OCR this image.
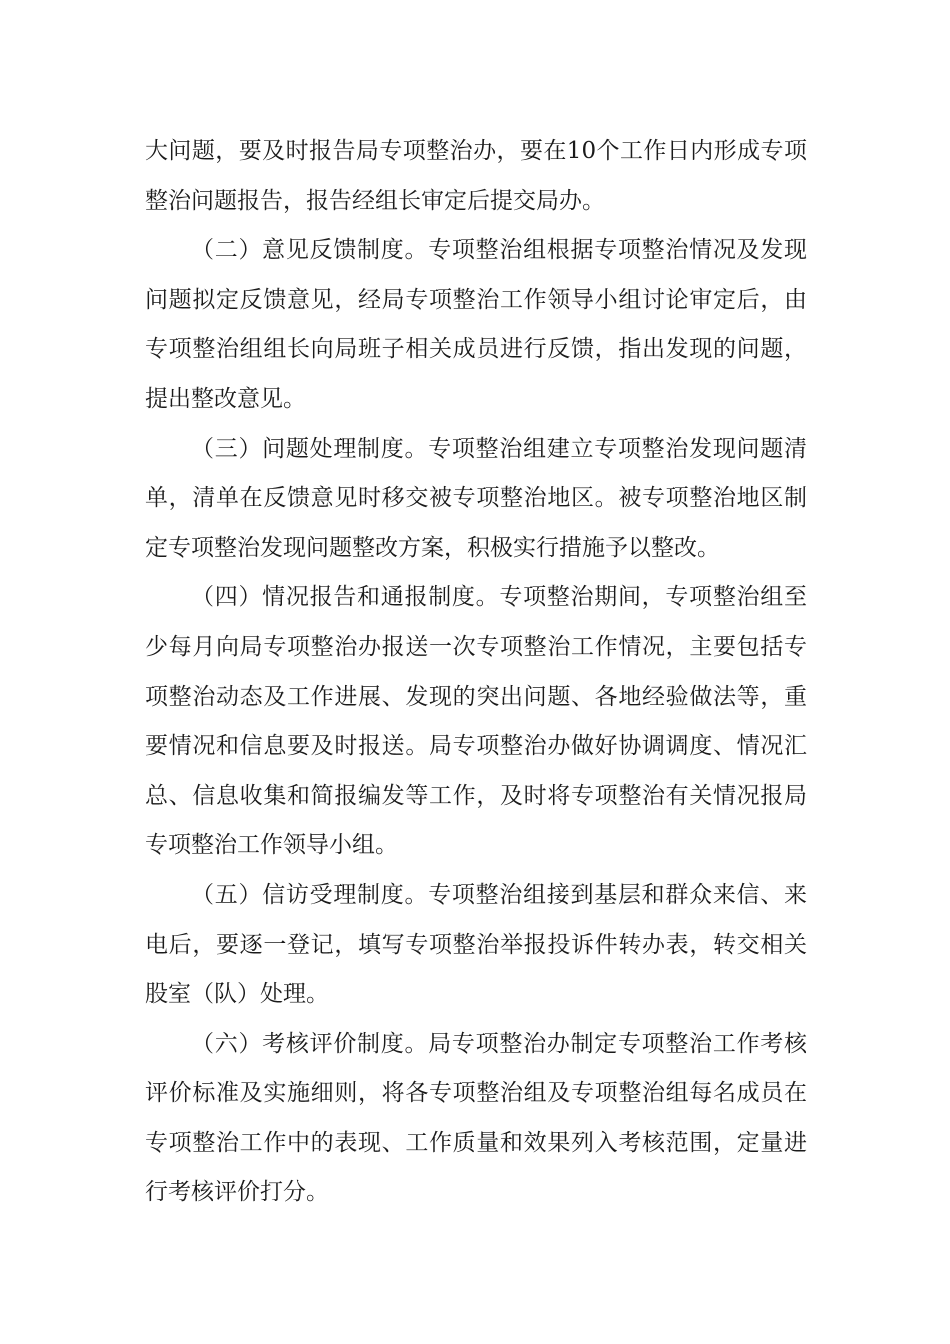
大问题，要及时报告局专项整治办，要在10个工作日内形成专项整治问题报告，报告经组长审定后提交局办。

（二）意见反馈制度。专项整治组根据专项整治情况及发现问题拟定反馈意见，经局专项整治工作领导小组讨论审定后，由专项整治组组长向局班子相关成员进行反馈，指出发现的问题，提出整改意见。

（三）问题处理制度。专项整治组建立专项整治发现问题清单，清单在反馈意见时移交被专项整治地区。被专项整治地区制定专项整治发现问题整改方案，积极实行措施予以整改。

（四）情况报告和通报制度。专项整治期间，专项整治组至少每月向局专项整治办报送一次专项整治工作情况，主要包括专项整治动态及工作进展、发现的突出问题、各地经验做法等，重要情况和信息要及时报送。局专项整治办做好协调调度、情况汇总、信息收集和简报编发等工作，及时将专项整治有关情况报局专项整治工作领导小组。

（五）信访受理制度。专项整治组接到基层和群众来信、来电后，要逐一登记，填写专项整治举报投诉件转办表，转交相关股室（队）处理。

（六）考核评价制度。局专项整治办制定专项整治工作考核评价标准及实施细则，将各专项整治组及专项整治组每名成员在专项整治工作中的表现、工作质量和效果列入考核范围，定量进行考核评价打分。
